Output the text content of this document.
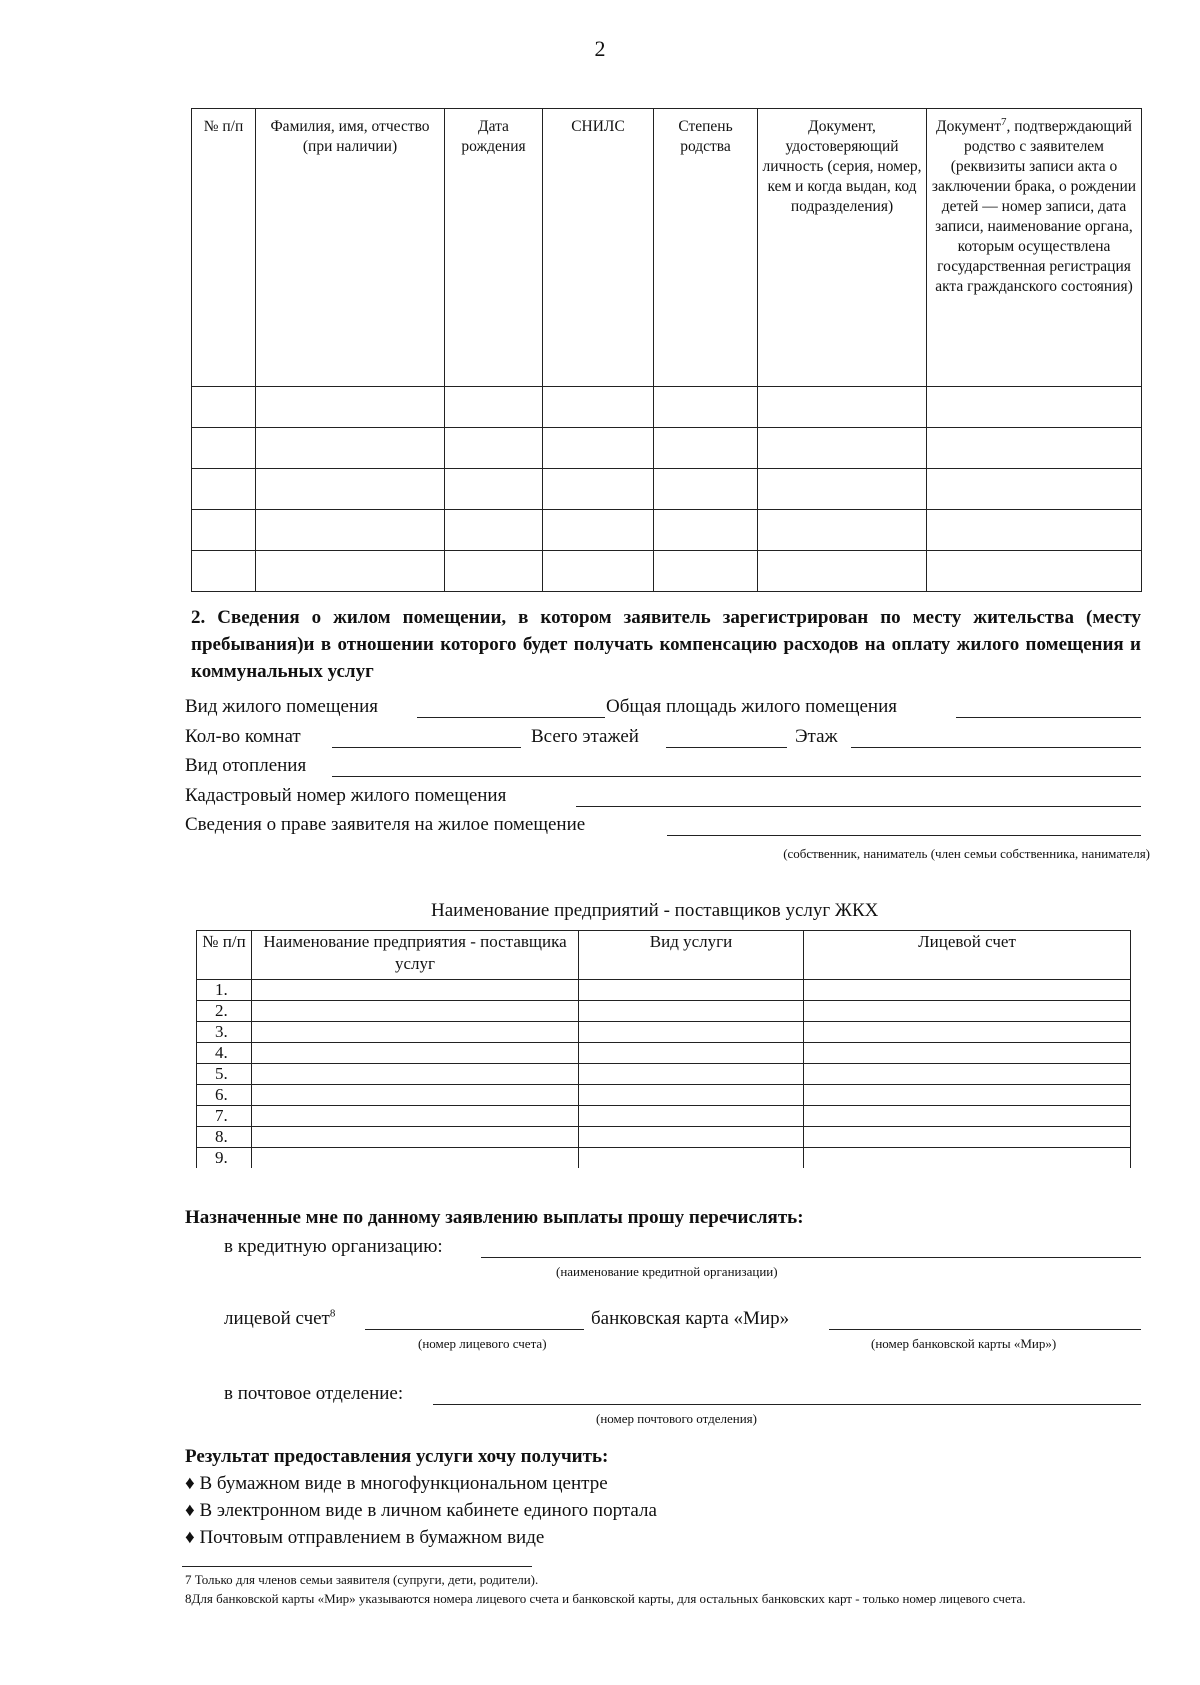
2
№ п/п	Фамилия, имя, отчество (при наличии)	Дата рождения	СНИЛС	Степень родства	Документ, удостоверяющий личность (серия, номер, кем и когда выдан, код подразделения)	Документ$^7$, подтверждающий родство с заявителем (реквизиты записи акта о заключении брака, о рождении детей — номер записи, дата записи, наименование органа, которым осуществлена государственная регистрация акта гражданского состояния)

2. Сведения о жилом помещении, в котором заявитель зарегистрирован по месту жительства (месту пребывания)и в отношении которого будет получать компенсацию расходов на оплату жилого помещения и коммунальных услуг
Вид жилого помещения	Общая площадь жилого помещения
Кол-во комнат	Всего этажей	Этаж
Вид отопления
Кадастровый номер жилого помещения
Сведения о праве заявителя на жилое помещение
(собственник, наниматель (член семьи собственника, нанимателя)
Наименование предприятий - поставщиков услуг ЖКХ
№ п/п	Наименование предприятия - поставщика услуг	Вид услуги	Лицевой счет
1.			
2.			
3.			
4.			
5.			
6.			
7.			
8.			
9.			
Назначенные мне по данному заявлению выплаты прошу перечислять:
в кредитную организацию:
(наименование кредитной организации)
лицевой счет$^8$	банковская карта «Мир»
(номер лицевого счета)	(номер банковской карты «Мир»)
в почтовое отделение:
(номер почтового отделения)
Результат предоставления услуги хочу получить:
♦ В бумажном виде в многофункциональном центре
♦ В электронном виде в личном кабинете единого портала
♦ Почтовым отправлением в бумажном виде
7 Только для членов семьи заявителя (супруги, дети, родители).
8Для банковской карты «Мир» указываются номера лицевого счета и банковской карты, для остальных банковских карт - только номер лицевого счета.
